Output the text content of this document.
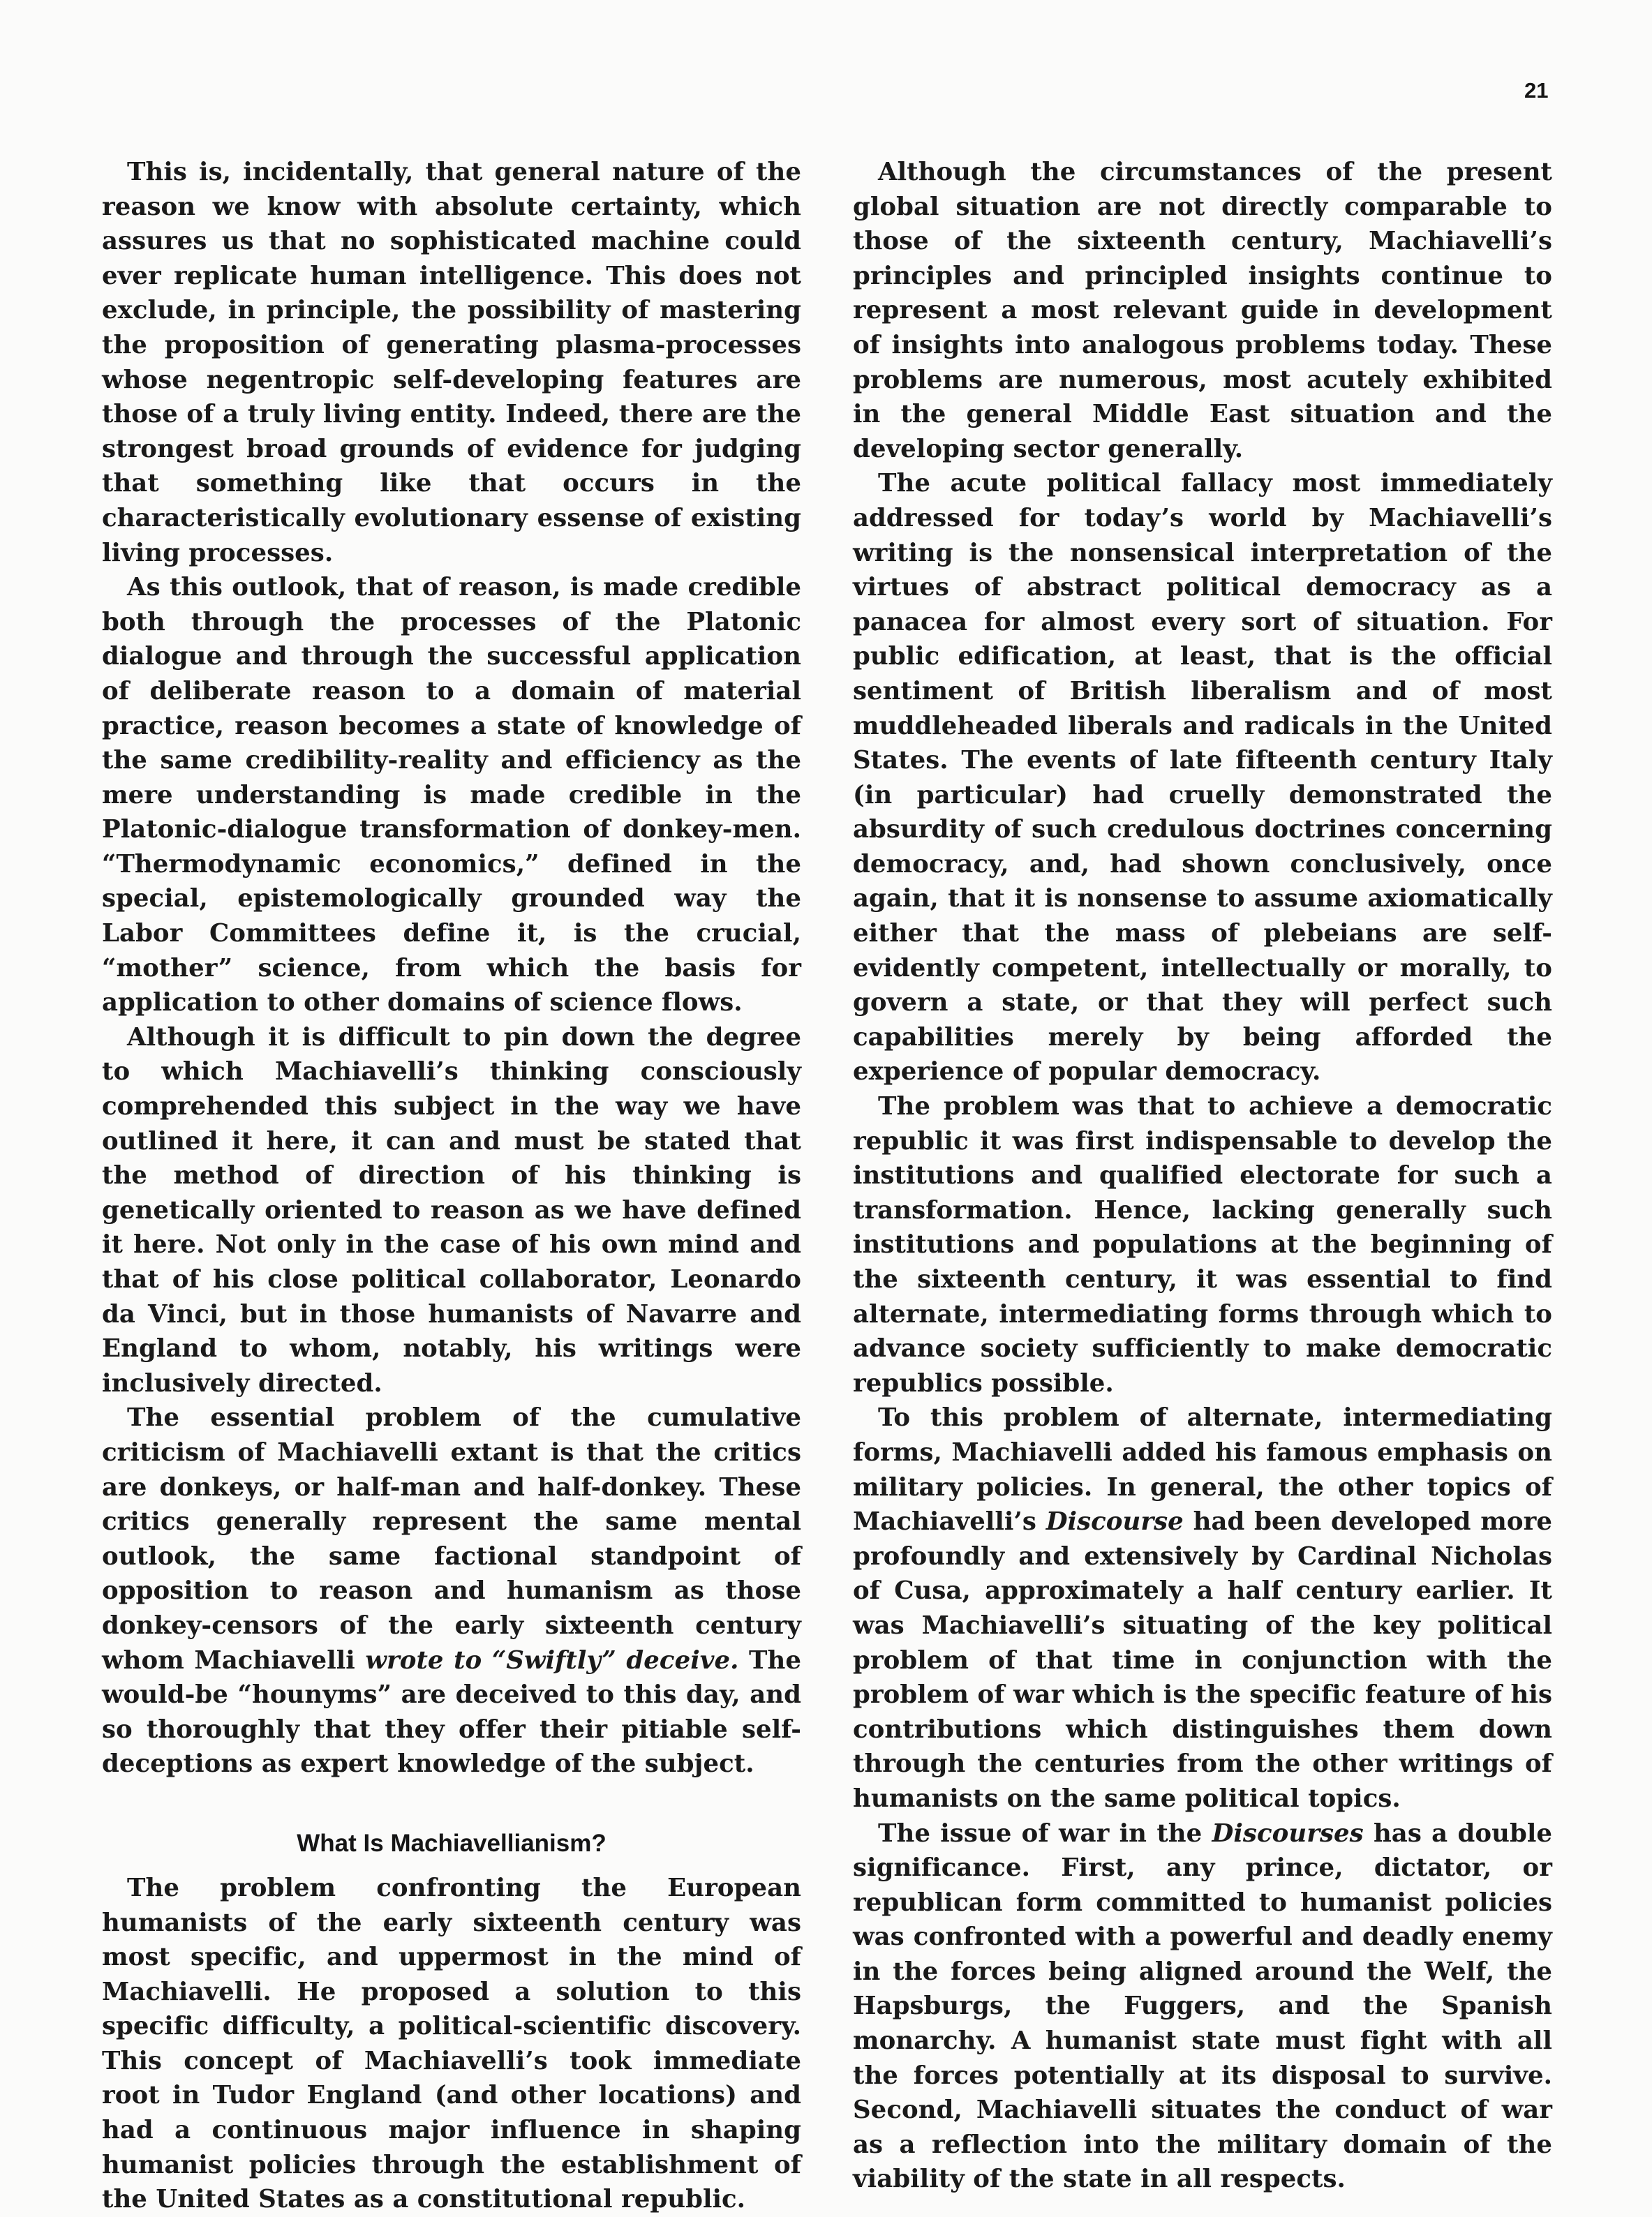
21

This is, incidentally, that general nature of the reason we know with absolute certainty, which assures us that no sophisticated machine could ever replicate human intelligence. This does not exclude, in principle, the possibility of mastering the proposition of generating plasma-processes whose negentropic self-developing features are those of a truly living entity. Indeed, there are the strongest broad grounds of evidence for judging that something like that occurs in the characteristically evolutionary essense of existing living processes.

As this outlook, that of reason, is made credible both through the processes of the Platonic dialogue and through the successful application of deliberate reason to a domain of material practice, reason becomes a state of knowledge of the same credibility-reality and efficiency as the mere understanding is made credible in the Platonic-dialogue transformation of donkey-men. “Thermodynamic economics,” defined in the special, epistemologically grounded way the Labor Committees define it, is the crucial, “mother” science, from which the basis for application to other domains of science flows.

Although it is difficult to pin down the degree to which Machiavelli’s thinking consciously comprehended this subject in the way we have outlined it here, it can and must be stated that the method of direction of his thinking is genetically oriented to reason as we have defined it here. Not only in the case of his own mind and that of his close political collaborator, Leonardo da Vinci, but in those humanists of Navarre and England to whom, notably, his writings were inclusively directed.

The essential problem of the cumulative criticism of Machiavelli extant is that the critics are donkeys, or half-man and half-donkey. These critics generally represent the same mental outlook, the same factional standpoint of opposition to reason and humanism as those donkey-censors of the early sixteenth century whom Machiavelli wrote to “Swiftly” deceive. The would-be “hounyms” are deceived to this day, and so thoroughly that they offer their pitiable self-deceptions as expert knowledge of the subject.

What Is Machiavellianism?

The problem confronting the European humanists of the early sixteenth century was most specific, and uppermost in the mind of Machiavelli. He proposed a solution to this specific difficulty, a political-scientific discovery. This concept of Machiavelli’s took immediate root in Tudor England (and other locations) and had a continuous major influence in shaping humanist policies through the establishment of the United States as a constitutional republic.

Although the circumstances of the present global situation are not directly comparable to those of the sixteenth century, Machiavelli’s principles and principled insights continue to represent a most relevant guide in development of insights into analogous problems today. These problems are numerous, most acutely exhibited in the general Middle East situation and the developing sector generally.

The acute political fallacy most immediately addressed for today’s world by Machiavelli’s writing is the nonsensical interpretation of the virtues of abstract political democracy as a panacea for almost every sort of situation. For public edification, at least, that is the official sentiment of British liberalism and of most muddleheaded liberals and radicals in the United States. The events of late fifteenth century Italy (in particular) had cruelly demonstrated the absurdity of such credulous doctrines concerning democracy, and, had shown conclusively, once again, that it is nonsense to assume axiomatically either that the mass of plebeians are self-evidently competent, intellectually or morally, to govern a state, or that they will perfect such capabilities merely by being afforded the experience of popular democracy.

The problem was that to achieve a democratic republic it was first indispensable to develop the institutions and qualified electorate for such a transformation. Hence, lacking generally such institutions and populations at the beginning of the sixteenth century, it was essential to find alternate, intermediating forms through which to advance society sufficiently to make democratic republics possible.

To this problem of alternate, intermediating forms, Machiavelli added his famous emphasis on military policies. In general, the other topics of Machiavelli’s Discourse had been developed more profoundly and extensively by Cardinal Nicholas of Cusa, approximately a half century earlier. It was Machiavelli’s situating of the key political problem of that time in conjunction with the problem of war which is the specific feature of his contributions which distinguishes them down through the centuries from the other writings of humanists on the same political topics.

The issue of war in the Discourses has a double significance. First, any prince, dictator, or republican form committed to humanist policies was confronted with a powerful and deadly enemy in the forces being aligned around the Welf, the Hapsburgs, the Fuggers, and the Spanish monarchy. A humanist state must fight with all the forces potentially at its disposal to survive. Second, Machiavelli situates the conduct of war as a reflection into the military domain of the viability of the state in all respects.
